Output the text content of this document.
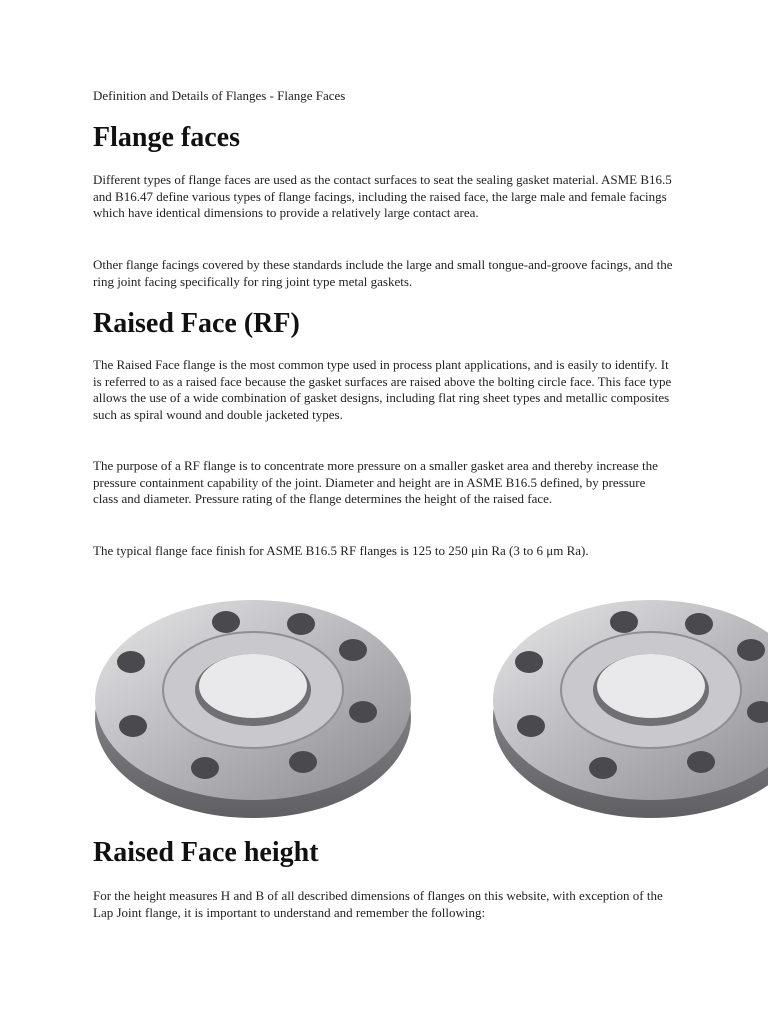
Definition and Details of Flanges - Flange Faces
Flange faces

Different types of flange faces are used as the contact surfaces to seat the sealing gasket material. ASME B16.5 and B16.47 define various types of flange facings, including the raised face, the large male and female facings which have identical dimensions to provide a relatively large contact area.

Other flange facings covered by these standards include the large and small tongue-and-groove facings, and the ring joint facing specifically for ring joint type metal gaskets.

Raised Face (RF)

The Raised Face flange is the most common type used in process plant applications, and is easily to identify. It is referred to as a raised face because the gasket surfaces are raised above the bolting circle face. This face type allows the use of a wide combination of gasket designs, including flat ring sheet types and metallic composites such as spiral wound and double jacketed types.

The purpose of a RF flange is to concentrate more pressure on a smaller gasket area and thereby increase the pressure containment capability of the joint. Diameter and height are in ASME B16.5 defined, by pressure class and diameter. Pressure rating of the flange determines the height of the raised face.

The typical flange face finish for ASME B16.5 RF flanges is 125 to 250 μin Ra (3 to 6 μm Ra).

Raised Face height

For the height measures H and B of all described dimensions of flanges on this website, with exception of the Lap Joint flange, it is important to understand and remember the following:
